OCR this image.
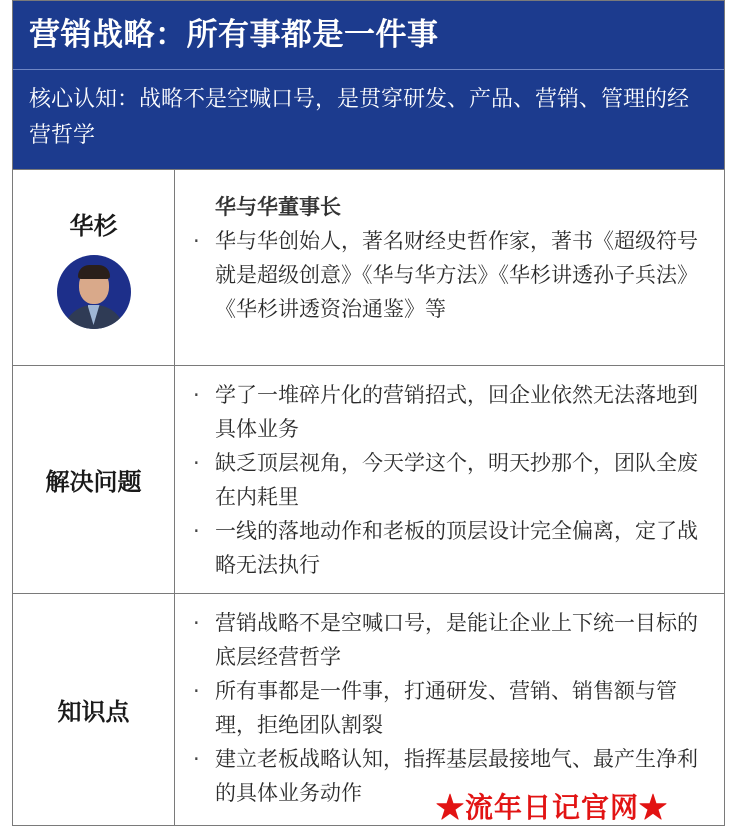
营销战略：所有事都是一件事
核心认知：战略不是空喊口号，是贯穿研发、产品、营销、管理的经营哲学
华杉
华与华董事长
· 华与华创始人，著名财经史哲作家，著书《超级符号就是超级创意》《华与华方法》《华杉讲透孙子兵法》《华杉讲透资治通鉴》等
解决问题
· 学了一堆碎片化的营销招式，回企业依然无法落地到具体业务
· 缺乏顶层视角，今天学这个，明天抄那个，团队全废在内耗里
· 一线的落地动作和老板的顶层设计完全偏离，定了战略无法执行
知识点
· 营销战略不是空喊口号，是能让企业上下统一目标的底层经营哲学
· 所有事都是一件事，打通研发、营销、销售额与管理，拒绝团队割裂
· 建立老板战略认知，指挥基层最接地气、最产生净利的具体业务动作	★流年日记官网★
